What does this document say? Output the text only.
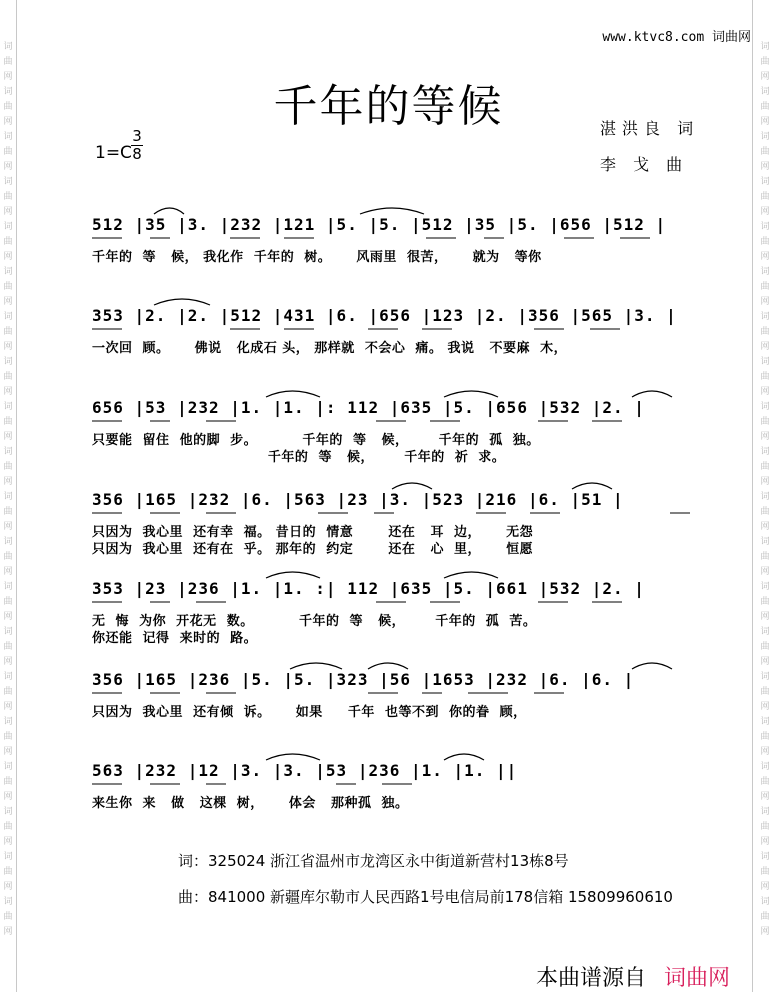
词曲网词曲网词曲网词曲网词曲网词曲网词曲网词曲网词曲网词曲网词曲网词曲网词曲网词曲网词曲网词曲网词曲网词曲网词曲网词曲网
词曲网词曲网词曲网词曲网词曲网词曲网词曲网词曲网词曲网词曲网词曲网词曲网词曲网词曲网词曲网词曲网词曲网词曲网词曲网词曲网
www.ktvc8.com 词曲网
千年的等候	湛洪良 词
李 戈 曲
$1=C \frac{3}{8}$
512 |35 |3. |232 |121 |5. |5. |512 |35 |5. |656 |512 |
千年的  等   候， 我化作  千年的  树。     风雨里  很苦，     就为   等你
353 |2. |2. |512 |431 |6. |656 |123 |2. |356 |565 |3. |
一次回  顾。     佛说   化成石 头， 那样就  不会心  痛。 我说   不要麻  木，
656 |53 |232 |1. |1. |: 112 |635 |5. |656 |532 |2. |
只要能  留住  他的脚  步。         千年的  等   候，      千年的  孤  独。
千年的  等   候，      千年的  祈  求。
356 |165 |232 |6. |563 |23 |3. |523 |216 |6. |51 |
只因为  我心里  还有幸  福。 昔日的  情意       还在   耳  边，     无怨
只因为  我心里  还有在  乎。 那年的  约定       还在   心  里，     恒愿
353 |23 |236 |1. |1. :| 112 |635 |5. |661 |532 |2. |
无  悔  为你  开花无  数。         千年的  等   候，      千年的  孤  苦。
你还能  记得  来时的  路。
356 |165 |236 |5. |5. |323 |56 |1653 |232 |6. |6. |
只因为  我心里  还有倾  诉。     如果     千年  也等不到  你的眷  顾，
563 |232 |12 |3. |3. |53 |236 |1. |1. ||
来生你  来   做   这棵  树，     体会   那种孤  独。
词：325024 浙江省温州市龙湾区永中街道新营村13栋8号
曲：841000 新疆库尔勒市人民西路1号电信局前178信箱 15809960610

本曲谱源自 词曲网
